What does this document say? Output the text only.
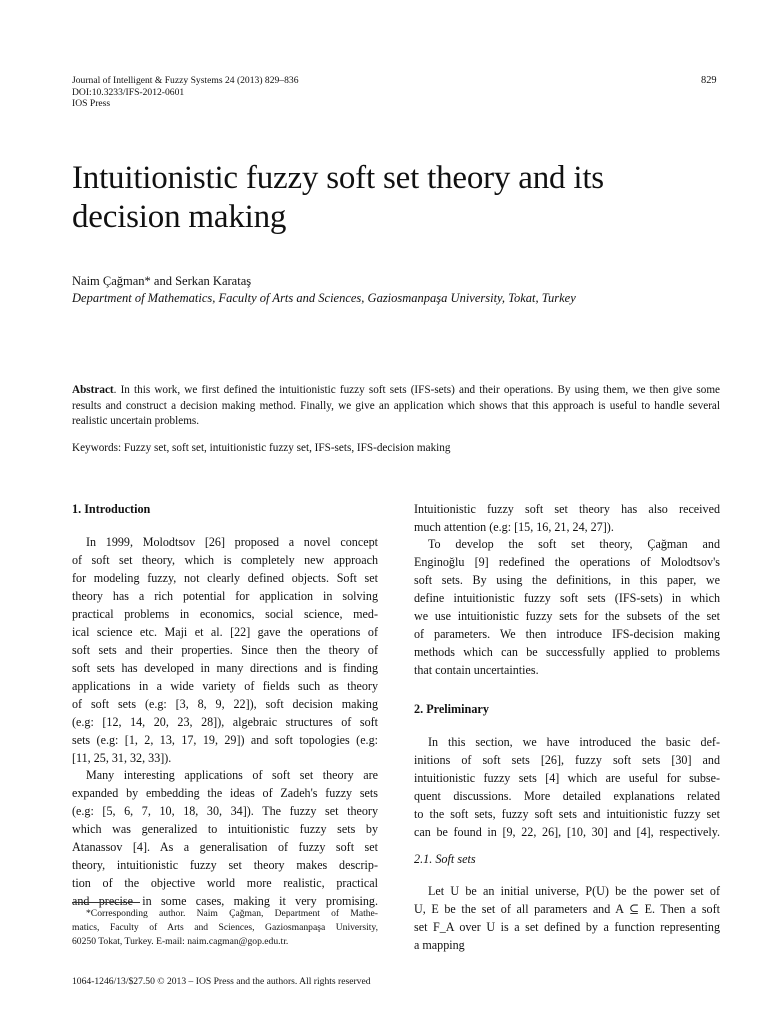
Journal of Intelligent & Fuzzy Systems 24 (2013) 829–836
DOI:10.3233/IFS-2012-0601
IOS Press
829
Intuitionistic fuzzy soft set theory and its
decision making
Naim Çağman* and Serkan Karataş
Department of Mathematics, Faculty of Arts and Sciences, Gaziosmanpaşa University, Tokat, Turkey
Abstract. In this work, we first defined the intuitionistic fuzzy soft sets (IFS-sets) and their operations. By using them, we then give some results and construct a decision making method. Finally, we give an application which shows that this approach is useful to handle several realistic uncertain problems.
Keywords: Fuzzy set, soft set, intuitionistic fuzzy set, IFS-sets, IFS-decision making
1. Introduction
In 1999, Molodtsov [26] proposed a novel concept
of soft set theory, which is completely new approach
for modeling fuzzy, not clearly defined objects. Soft set
theory has a rich potential for application in solving
practical problems in economics, social science, med-
ical science etc. Maji et al. [22] gave the operations of
soft sets and their properties. Since then the theory of
soft sets has developed in many directions and is finding
applications in a wide variety of fields such as theory
of soft sets (e.g: [3, 8, 9, 22]), soft decision making
(e.g: [12, 14, 20, 23, 28]), algebraic structures of soft
sets (e.g: [1, 2, 13, 17, 19, 29]) and soft topologies (e.g:
[11, 25, 31, 32, 33]).
Many interesting applications of soft set theory are
expanded by embedding the ideas of Zadeh's fuzzy sets
(e.g: [5, 6, 7, 10, 18, 30, 34]). The fuzzy set theory
which was generalized to intuitionistic fuzzy sets by
Atanassov [4]. As a generalisation of fuzzy soft set
theory, intuitionistic fuzzy set theory makes descrip-
tion of the objective world more realistic, practical
and precise in some cases, making it very promising.
*Corresponding author. Naim Çağman, Department of Mathe-
matics, Faculty of Arts and Sciences, Gaziosmanpaşa University,
60250 Tokat, Turkey. E-mail: naim.cagman@gop.edu.tr.
Intuitionistic fuzzy soft set theory has also received
much attention (e.g: [15, 16, 21, 24, 27]).
To develop the soft set theory, Çağman and
Enginoğlu [9] redefined the operations of Molodtsov's
soft sets. By using the definitions, in this paper, we
define intuitionistic fuzzy soft sets (IFS-sets) in which
we use intuitionistic fuzzy sets for the subsets of the set
of parameters. We then introduce IFS-decision making
methods which can be successfully applied to problems
that contain uncertainties.
2. Preliminary
In this section, we have introduced the basic def-
initions of soft sets [26], fuzzy soft sets [30] and
intuitionistic fuzzy sets [4] which are useful for subse-
quent discussions. More detailed explanations related
to the soft sets, fuzzy soft sets and intuitionistic fuzzy set
can be found in [9, 22, 26], [10, 30] and [4], respectively.
2.1. Soft sets
Let U be an initial universe, P(U) be the power set of
U, E be the set of all parameters and A ⊆ E. Then a soft
set F_A over U is a set defined by a function representing
a mapping
1064-1246/13/$27.50 © 2013 – IOS Press and the authors. All rights reserved
